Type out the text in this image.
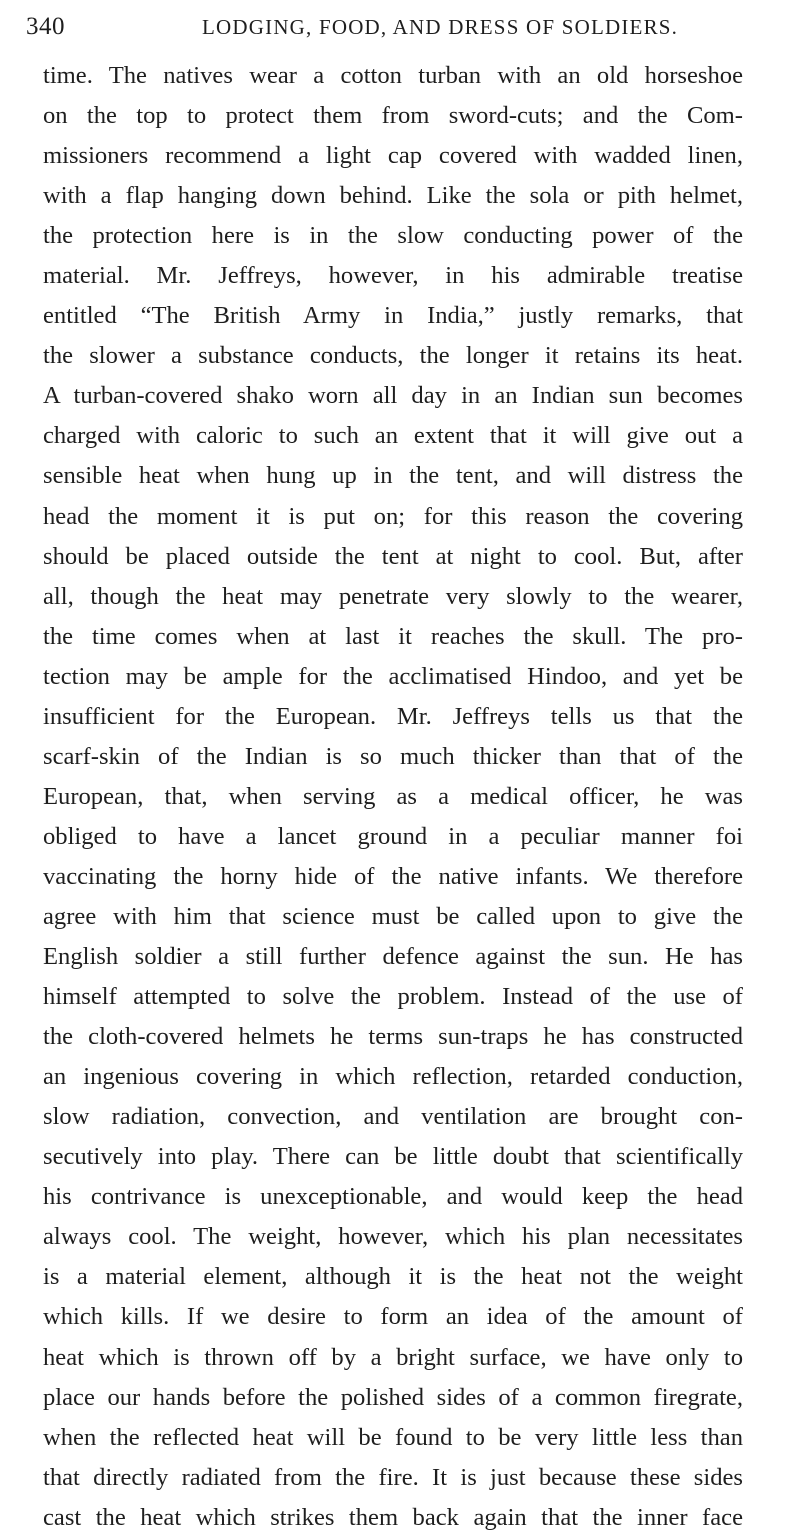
340	LODGING, FOOD, AND DRESS OF SOLDIERS.
time. The natives wear a cotton turban with an old horseshoe
on the top to protect them from sword-cuts; and the Com-
missioners recommend a light cap covered with wadded linen,
with a flap hanging down behind. Like the sola or pith helmet,
the protection here is in the slow conducting power of the
material. Mr. Jeffreys, however, in his admirable treatise
entitled “The British Army in India,” justly remarks, that
the slower a substance conducts, the longer it retains its heat.
A turban-covered shako worn all day in an Indian sun becomes
charged with caloric to such an extent that it will give out a
sensible heat when hung up in the tent, and will distress the
head the moment it is put on; for this reason the covering
should be placed outside the tent at night to cool. But, after
all, though the heat may penetrate very slowly to the wearer,
the time comes when at last it reaches the skull. The pro-
tection may be ample for the acclimatised Hindoo, and yet be
insufficient for the European. Mr. Jeffreys tells us that the
scarf-skin of the Indian is so much thicker than that of the
European, that, when serving as a medical officer, he was
obliged to have a lancet ground in a peculiar manner foi
vaccinating the horny hide of the native infants. We therefore
agree with him that science must be called upon to give the
English soldier a still further defence against the sun. He has
himself attempted to solve the problem. Instead of the use of
the cloth-covered helmets he terms sun-traps he has constructed
an ingenious covering in which reflection, retarded conduction,
slow radiation, convection, and ventilation are brought con-
secutively into play. There can be little doubt that scientifically
his contrivance is unexceptionable, and would keep the head
always cool. The weight, however, which his plan necessitates
is a material element, although it is the heat not the weight
which kills. If we desire to form an idea of the amount of
heat which is thrown off by a bright surface, we have only to
place our hands before the polished sides of a common firegrate,
when the reflected heat will be found to be very little less than
that directly radiated from the fire. It is just because these sides
cast the heat which strikes them back again that the inner face
